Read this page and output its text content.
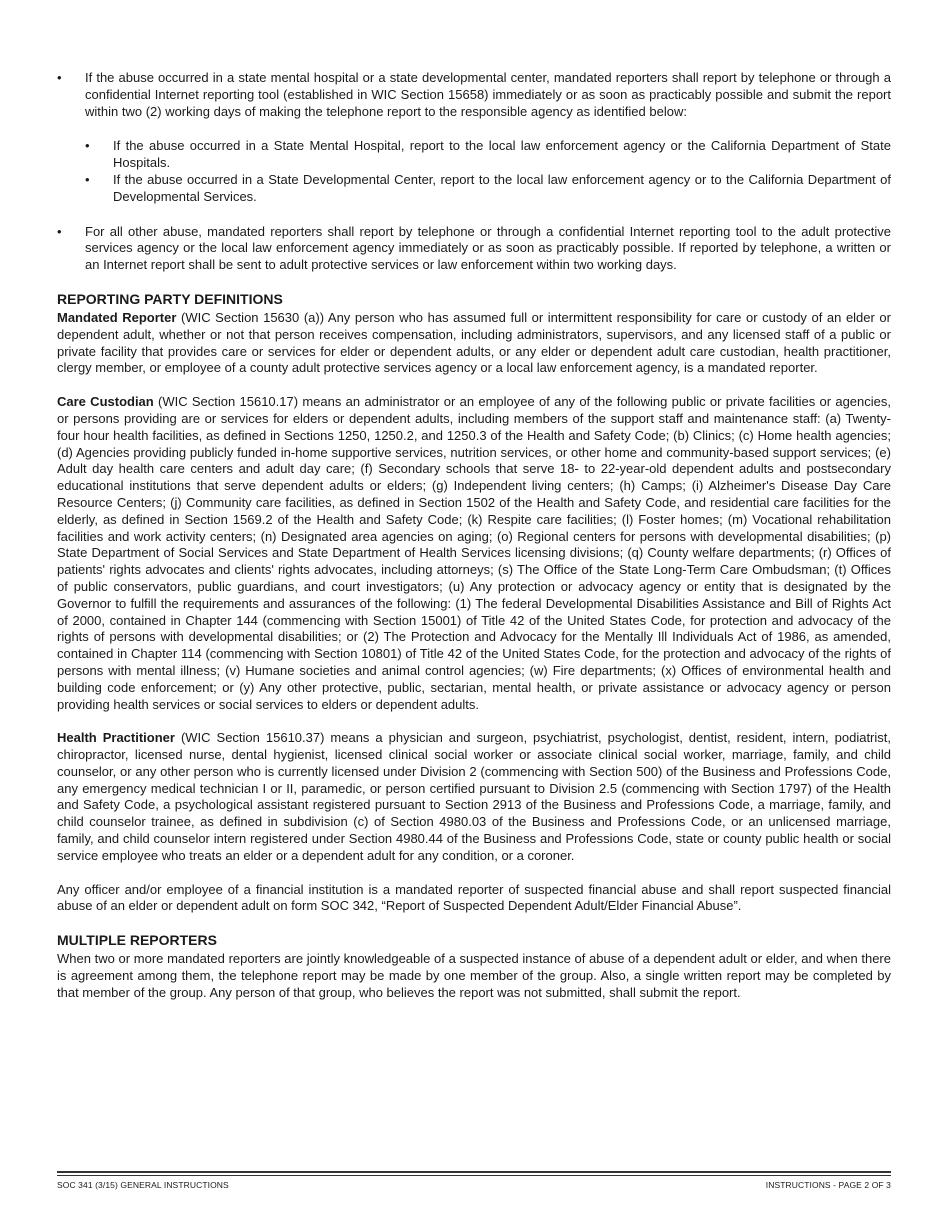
• If the abuse occurred in a state mental hospital or a state developmental center, mandated reporters shall report by telephone or through a confidential Internet reporting tool (established in WIC Section 15658) immediately or as soon as practicably possible and submit the report within two (2) working days of making the telephone report to the responsible agency as identified below:
• If the abuse occurred in a State Mental Hospital, report to the local law enforcement agency or the California Department of State Hospitals.
• If the abuse occurred in a State Developmental Center, report to the local law enforcement agency or to the California Department of Developmental Services.
• For all other abuse, mandated reporters shall report by telephone or through a confidential Internet reporting tool to the adult protective services agency or the local law enforcement agency immediately or as soon as practicably possible. If reported by telephone, a written or an Internet report shall be sent to adult protective services or law enforcement within two working days.
REPORTING PARTY DEFINITIONS

Mandated Reporter (WIC Section 15630 (a)) Any person who has assumed full or intermittent responsibility for care or custody of an elder or dependent adult, whether or not that person receives compensation, including administrators, supervisors, and any licensed staff of a public or private facility that provides care or services for elder or dependent adults, or any elder or dependent adult care custodian, health practitioner, clergy member, or employee of a county adult protective services agency or a local law enforcement agency, is a mandated reporter.

Care Custodian (WIC Section 15610.17) means an administrator or an employee of any of the following public or private facilities or agencies, or persons providing are or services for elders or dependent adults, including members of the support staff and maintenance staff: (a) Twenty-four hour health facilities, as defined in Sections 1250, 1250.2, and 1250.3 of the Health and Safety Code; (b) Clinics; (c) Home health agencies; (d) Agencies providing publicly funded in-home supportive services, nutrition services, or other home and community-based support services; (e) Adult day health care centers and adult day care; (f) Secondary schools that serve 18- to 22-year-old dependent adults and postsecondary educational institutions that serve dependent adults or elders; (g) Independent living centers; (h) Camps; (i) Alzheimer's Disease Day Care Resource Centers; (j) Community care facilities, as defined in Section 1502 of the Health and Safety Code, and residential care facilities for the elderly, as defined in Section 1569.2 of the Health and Safety Code; (k) Respite care facilities; (l) Foster homes; (m) Vocational rehabilitation facilities and work activity centers; (n) Designated area agencies on aging; (o) Regional centers for persons with developmental disabilities; (p) State Department of Social Services and State Department of Health Services licensing divisions; (q) County welfare departments; (r) Offices of patients' rights advocates and clients' rights advocates, including attorneys; (s) The Office of the State Long-Term Care Ombudsman; (t) Offices of public conservators, public guardians, and court investigators; (u) Any protection or advocacy agency or entity that is designated by the Governor to fulfill the requirements and assurances of the following: (1) The federal Developmental Disabilities Assistance and Bill of Rights Act of 2000, contained in Chapter 144 (commencing with Section 15001) of Title 42 of the United States Code, for protection and advocacy of the rights of persons with developmental disabilities; or (2) The Protection and Advocacy for the Mentally Ill Individuals Act of 1986, as amended, contained in Chapter 114 (commencing with Section 10801) of Title 42 of the United States Code, for the protection and advocacy of the rights of persons with mental illness; (v) Humane societies and animal control agencies; (w) Fire departments; (x) Offices of environmental health and building code enforcement; or (y) Any other protective, public, sectarian, mental health, or private assistance or advocacy agency or person providing health services or social services to elders or dependent adults.

Health Practitioner (WIC Section 15610.37) means a physician and surgeon, psychiatrist, psychologist, dentist, resident, intern, podiatrist, chiropractor, licensed nurse, dental hygienist, licensed clinical social worker or associate clinical social worker, marriage, family, and child counselor, or any other person who is currently licensed under Division 2 (commencing with Section 500) of the Business and Professions Code, any emergency medical technician I or II, paramedic, or person certified pursuant to Division 2.5 (commencing with Section 1797) of the Health and Safety Code, a psychological assistant registered pursuant to Section 2913 of the Business and Professions Code, a marriage, family, and child counselor trainee, as defined in subdivision (c) of Section 4980.03 of the Business and Professions Code, or an unlicensed marriage, family, and child counselor intern registered under Section 4980.44 of the Business and Professions Code, state or county public health or social service employee who treats an elder or a dependent adult for any condition, or a coroner.

Any officer and/or employee of a financial institution is a mandated reporter of suspected financial abuse and shall report suspected financial abuse of an elder or dependent adult on form SOC 342, “Report of Suspected Dependent Adult/Elder Financial Abuse”.

MULTIPLE REPORTERS

When two or more mandated reporters are jointly knowledgeable of a suspected instance of abuse of a dependent adult or elder, and when there is agreement among them, the telephone report may be made by one member of the group. Also, a single written report may be completed by that member of the group. Any person of that group, who believes the report was not submitted, shall submit the report.

SOC 341 (3/15) GENERAL INSTRUCTIONS	INSTRUCTIONS - PAGE 2 OF 3
